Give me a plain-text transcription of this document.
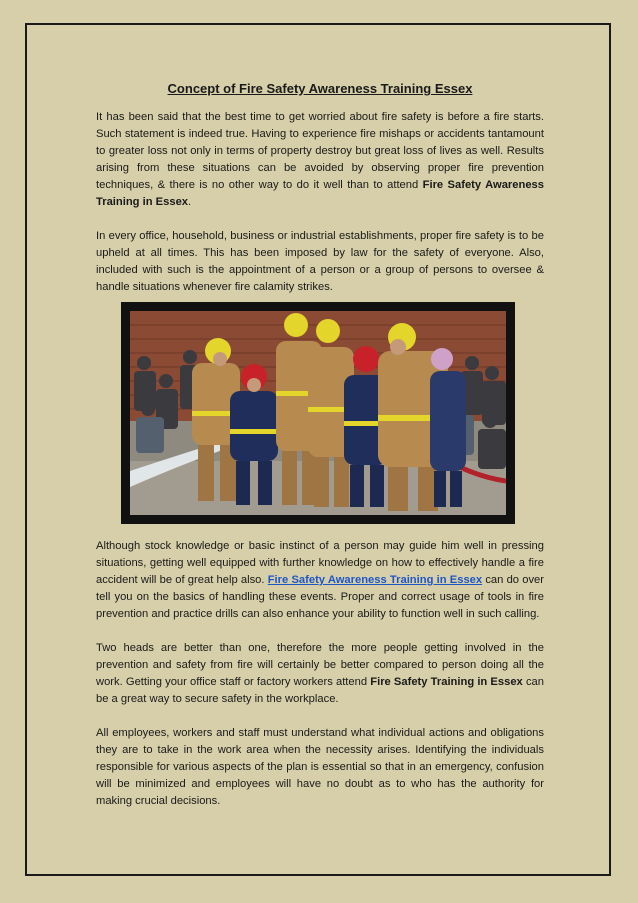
Concept of Fire Safety Awareness Training Essex

It has been said that the best time to get worried about fire safety is before a fire starts. Such statement is indeed true. Having to experience fire mishaps or accidents tantamount to greater loss not only in terms of property destroy but great loss of lives as well. Results arising from these situations can be avoided by observing proper fire prevention techniques, & there is no other way to do it well than to attend Fire Safety Awareness Training in Essex.

In every office, household, business or industrial establishments, proper fire safety is to be upheld at all times. This has been imposed by law for the safety of everyone. Also, included with such is the appointment of a person or a group of persons to oversee & handle situations whenever fire calamity strikes.

Although stock knowledge or basic instinct of a person may guide him well in pressing situations, getting well equipped with further knowledge on how to effectively handle a fire accident will be of great help also. Fire Safety Awareness Training in Essex can do over tell you on the basics of handling these events. Proper and correct usage of tools in fire prevention and practice drills can also enhance your ability to function well in such calling.

Two heads are better than one, therefore the more people getting involved in the prevention and safety from fire will certainly be better compared to person doing all the work. Getting your office staff or factory workers attend Fire Safety Training in Essex can be a great way to secure safety in the workplace.

All employees, workers and staff must understand what individual actions and obligations they are to take in the work area when the necessity arises. Identifying the individuals responsible for various aspects of the plan is essential so that in an emergency, confusion will be minimized and employees will have no doubt as to who has the authority for making crucial decisions.
